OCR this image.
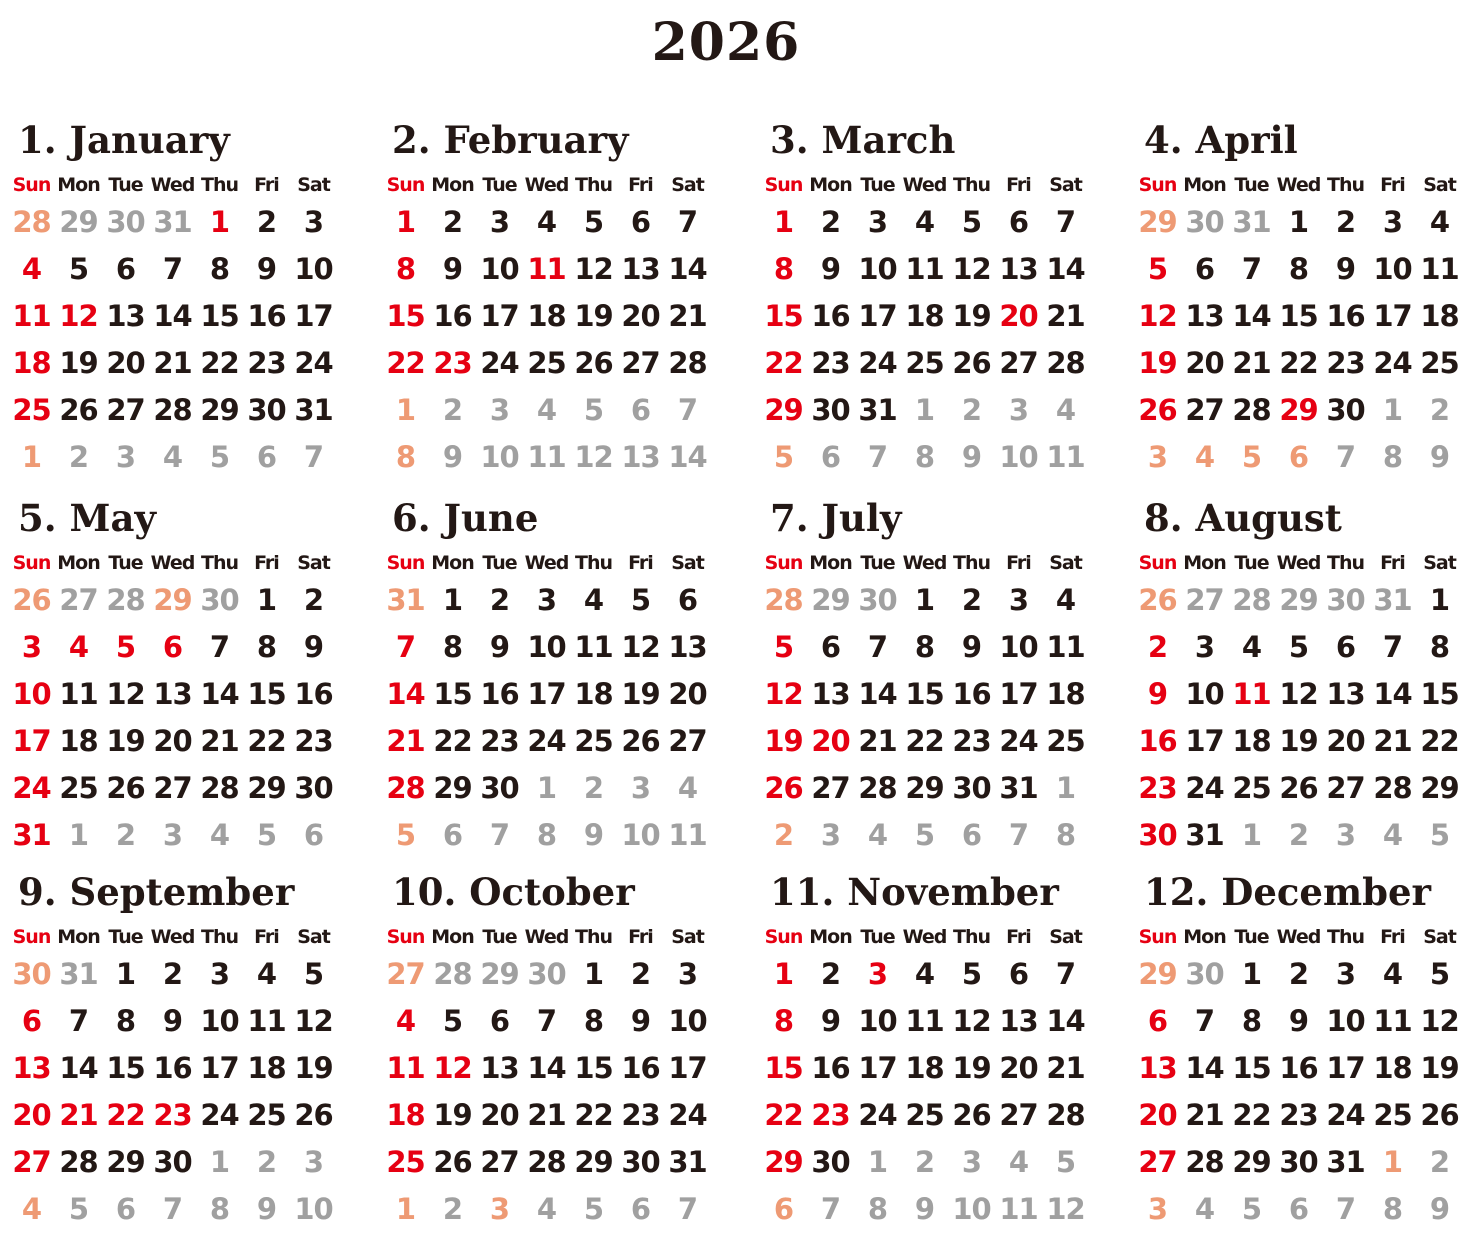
2026
1. January
Sun Mon Tue Wed Thu Fri Sat
28 29 30 31 1 2 3
4 5 6 7 8 9 10
11 12 13 14 15 16 17
18 19 20 21 22 23 24
25 26 27 28 29 30 31
1 2 3 4 5 6 7
2. February
Sun Mon Tue Wed Thu Fri Sat
1 2 3 4 5 6 7
8 9 10 11 12 13 14
15 16 17 18 19 20 21
22 23 24 25 26 27 28
1 2 3 4 5 6 7
8 9 10 11 12 13 14
3. March
Sun Mon Tue Wed Thu Fri Sat
1 2 3 4 5 6 7
8 9 10 11 12 13 14
15 16 17 18 19 20 21
22 23 24 25 26 27 28
29 30 31 1 2 3 4
5 6 7 8 9 10 11
4. April
Sun Mon Tue Wed Thu Fri Sat
29 30 31 1 2 3 4
5 6 7 8 9 10 11
12 13 14 15 16 17 18
19 20 21 22 23 24 25
26 27 28 29 30 1 2
3 4 5 6 7 8 9
5. May
Sun Mon Tue Wed Thu Fri Sat
26 27 28 29 30 1 2
3 4 5 6 7 8 9
10 11 12 13 14 15 16
17 18 19 20 21 22 23
24 25 26 27 28 29 30
31 1 2 3 4 5 6
6. June
Sun Mon Tue Wed Thu Fri Sat
31 1 2 3 4 5 6
7 8 9 10 11 12 13
14 15 16 17 18 19 20
21 22 23 24 25 26 27
28 29 30 1 2 3 4
5 6 7 8 9 10 11
7. July
Sun Mon Tue Wed Thu Fri Sat
28 29 30 1 2 3 4
5 6 7 8 9 10 11
12 13 14 15 16 17 18
19 20 21 22 23 24 25
26 27 28 29 30 31 1
2 3 4 5 6 7 8
8. August
Sun Mon Tue Wed Thu Fri Sat
26 27 28 29 30 31 1
2 3 4 5 6 7 8
9 10 11 12 13 14 15
16 17 18 19 20 21 22
23 24 25 26 27 28 29
30 31 1 2 3 4 5
9. September
Sun Mon Tue Wed Thu Fri Sat
30 31 1 2 3 4 5
6 7 8 9 10 11 12
13 14 15 16 17 18 19
20 21 22 23 24 25 26
27 28 29 30 1 2 3
4 5 6 7 8 9 10
10. October
Sun Mon Tue Wed Thu Fri Sat
27 28 29 30 1 2 3
4 5 6 7 8 9 10
11 12 13 14 15 16 17
18 19 20 21 22 23 24
25 26 27 28 29 30 31
1 2 3 4 5 6 7
11. November
Sun Mon Tue Wed Thu Fri Sat
1 2 3 4 5 6 7
8 9 10 11 12 13 14
15 16 17 18 19 20 21
22 23 24 25 26 27 28
29 30 1 2 3 4 5
6 7 8 9 10 11 12
12. December
Sun Mon Tue Wed Thu Fri Sat
29 30 1 2 3 4 5
6 7 8 9 10 11 12
13 14 15 16 17 18 19
20 21 22 23 24 25 26
27 28 29 30 31 1 2
3 4 5 6 7 8 9
